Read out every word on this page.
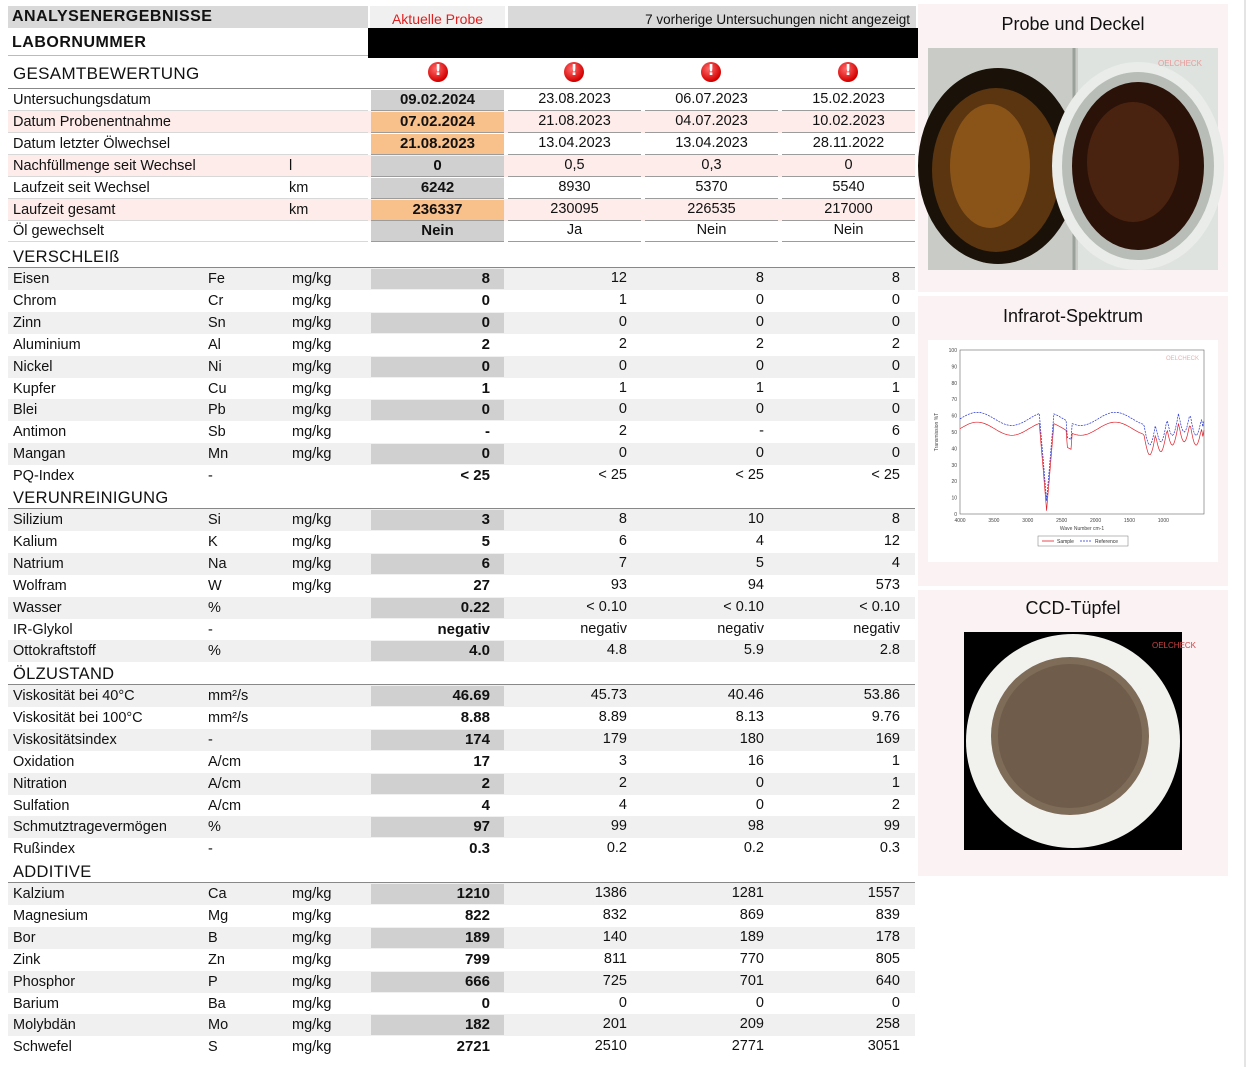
ANALYSENERGEBNISSE	Aktuelle Probe	7 vorherige Untersuchungen nicht angezeigt
LABORNUMMER
GESAMTBEWERTUNG
!
!
!
!
Untersuchungsdatum	09.02.2024	23.08.2023	06.07.2023	15.02.2023
Datum Probenentnahme	07.02.2024	21.08.2023	04.07.2023	10.02.2023
Datum letzter Ölwechsel	21.08.2023	13.04.2023	13.04.2023	28.11.2022
Nachfüllmenge seit Wechsel	l	0	0,5	0,3	0
Laufzeit seit Wechsel	km	6242	8930	5370	5540
Laufzeit gesamt	km	236337	230095	226535	217000
Öl gewechselt	Nein	Ja	Nein	Nein
VERSCHLEIß
Eisen	Fe	mg/kg	8	12	8	8
Chrom	Cr	mg/kg	0	1	0	0
Zinn	Sn	mg/kg	0	0	0	0
Aluminium	Al	mg/kg	2	2	2	2
Nickel	Ni	mg/kg	0	0	0	0
Kupfer	Cu	mg/kg	1	1	1	1
Blei	Pb	mg/kg	0	0	0	0
Antimon	Sb	mg/kg	-	2	-	6
Mangan	Mn	mg/kg	0	0	0	0
PQ-Index	-	< 25	< 25	< 25	< 25
VERUNREINIGUNG
Silizium	Si	mg/kg	3	8	10	8
Kalium	K	mg/kg	5	6	4	12
Natrium	Na	mg/kg	6	7	5	4
Wolfram	W	mg/kg	27	93	94	573
Wasser	%	0.22	< 0.10	< 0.10	< 0.10
IR-Glykol	-	negativ	negativ	negativ	negativ
Ottokraftstoff	%	4.0	4.8	5.9	2.8
ÖLZUSTAND
Viskosität bei 40°C	mm²/s	46.69	45.73	40.46	53.86
Viskosität bei 100°C	mm²/s	8.88	8.89	8.13	9.76
Viskositätsindex	-	174	179	180	169
Oxidation	A/cm	17	3	16	1
Nitration	A/cm	2	2	0	1
Sulfation	A/cm	4	4	0	2
Schmutztragevermögen	%	97	99	98	99
Rußindex	-	0.3	0.2	0.2	0.3
ADDITIVE
Kalzium	Ca	mg/kg	1210	1386	1281	1557
Magnesium	Mg	mg/kg	822	832	869	839
Bor	B	mg/kg	189	140	189	178
Zink	Zn	mg/kg	799	811	770	805
Phosphor	P	mg/kg	666	725	701	640
Barium	Ba	mg/kg	0	0	0	0
Molybdän	Mo	mg/kg	182	201	209	258
Schwefel	S	mg/kg	2721	2510	2771	3051
Probe und Deckel
OELCHECK
Infrarot-Spektrum
100
90
80
70
60
50
40
30
20
10
0
4000	3500	3000	2500	2000	1500	1000
Transmission %T
Wave Number cm-1
Sample	Reference
OELCHECK
CCD-Tüpfel
OELCHECK
